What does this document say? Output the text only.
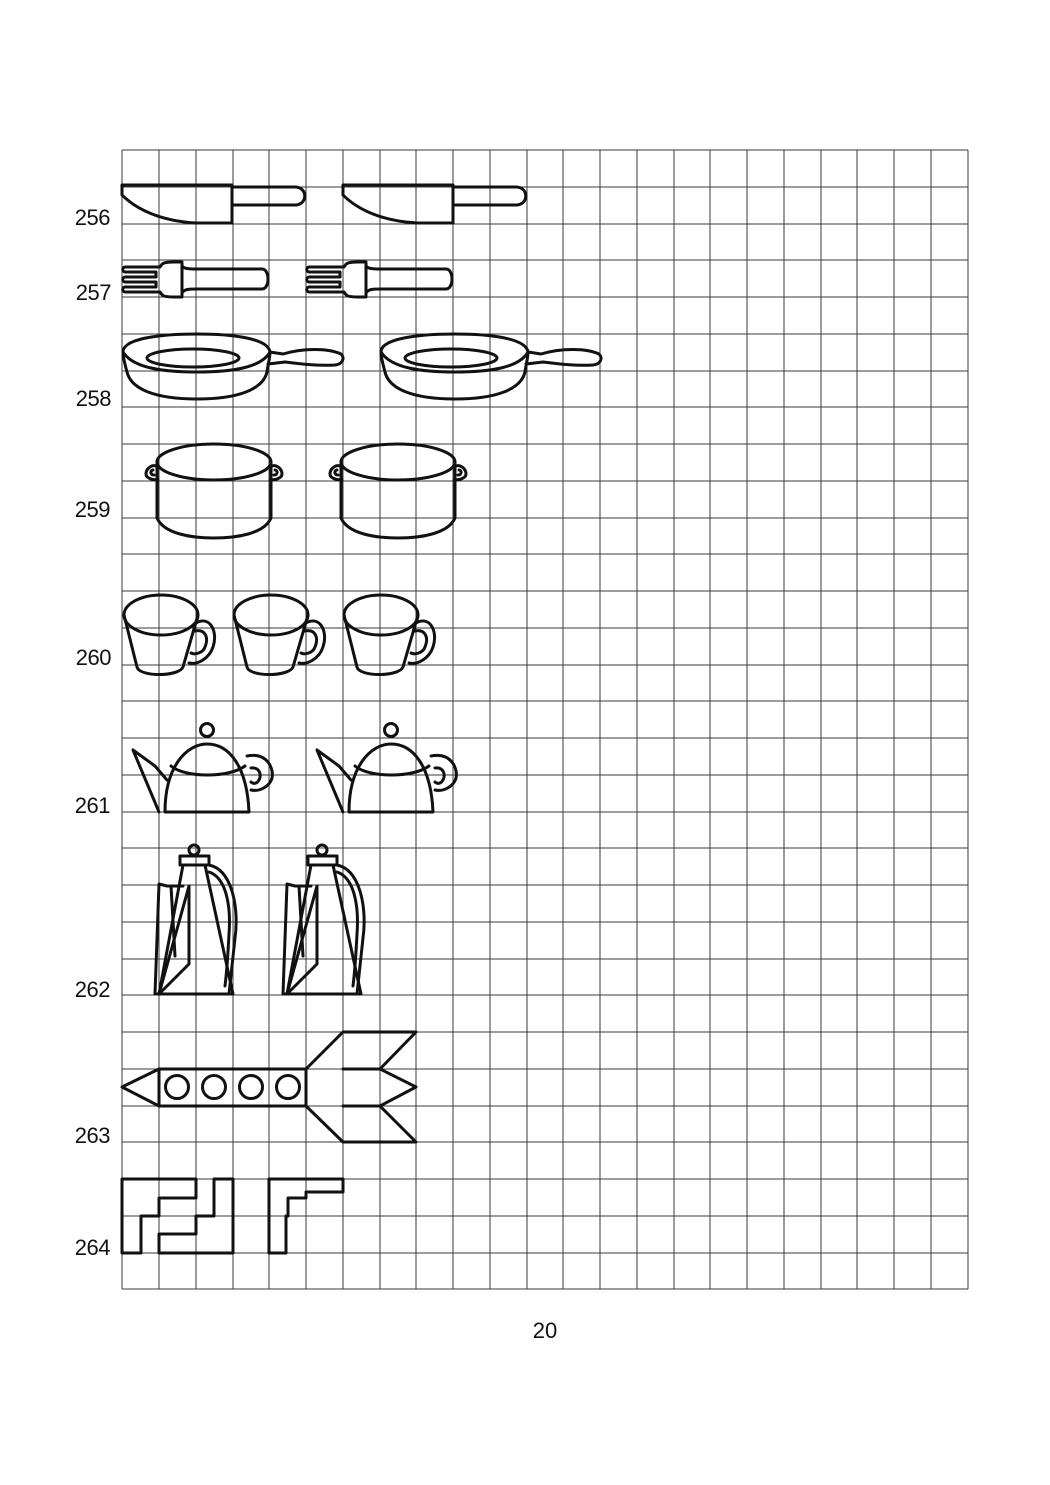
256
257
258
259
260
261
262
263
264
20
